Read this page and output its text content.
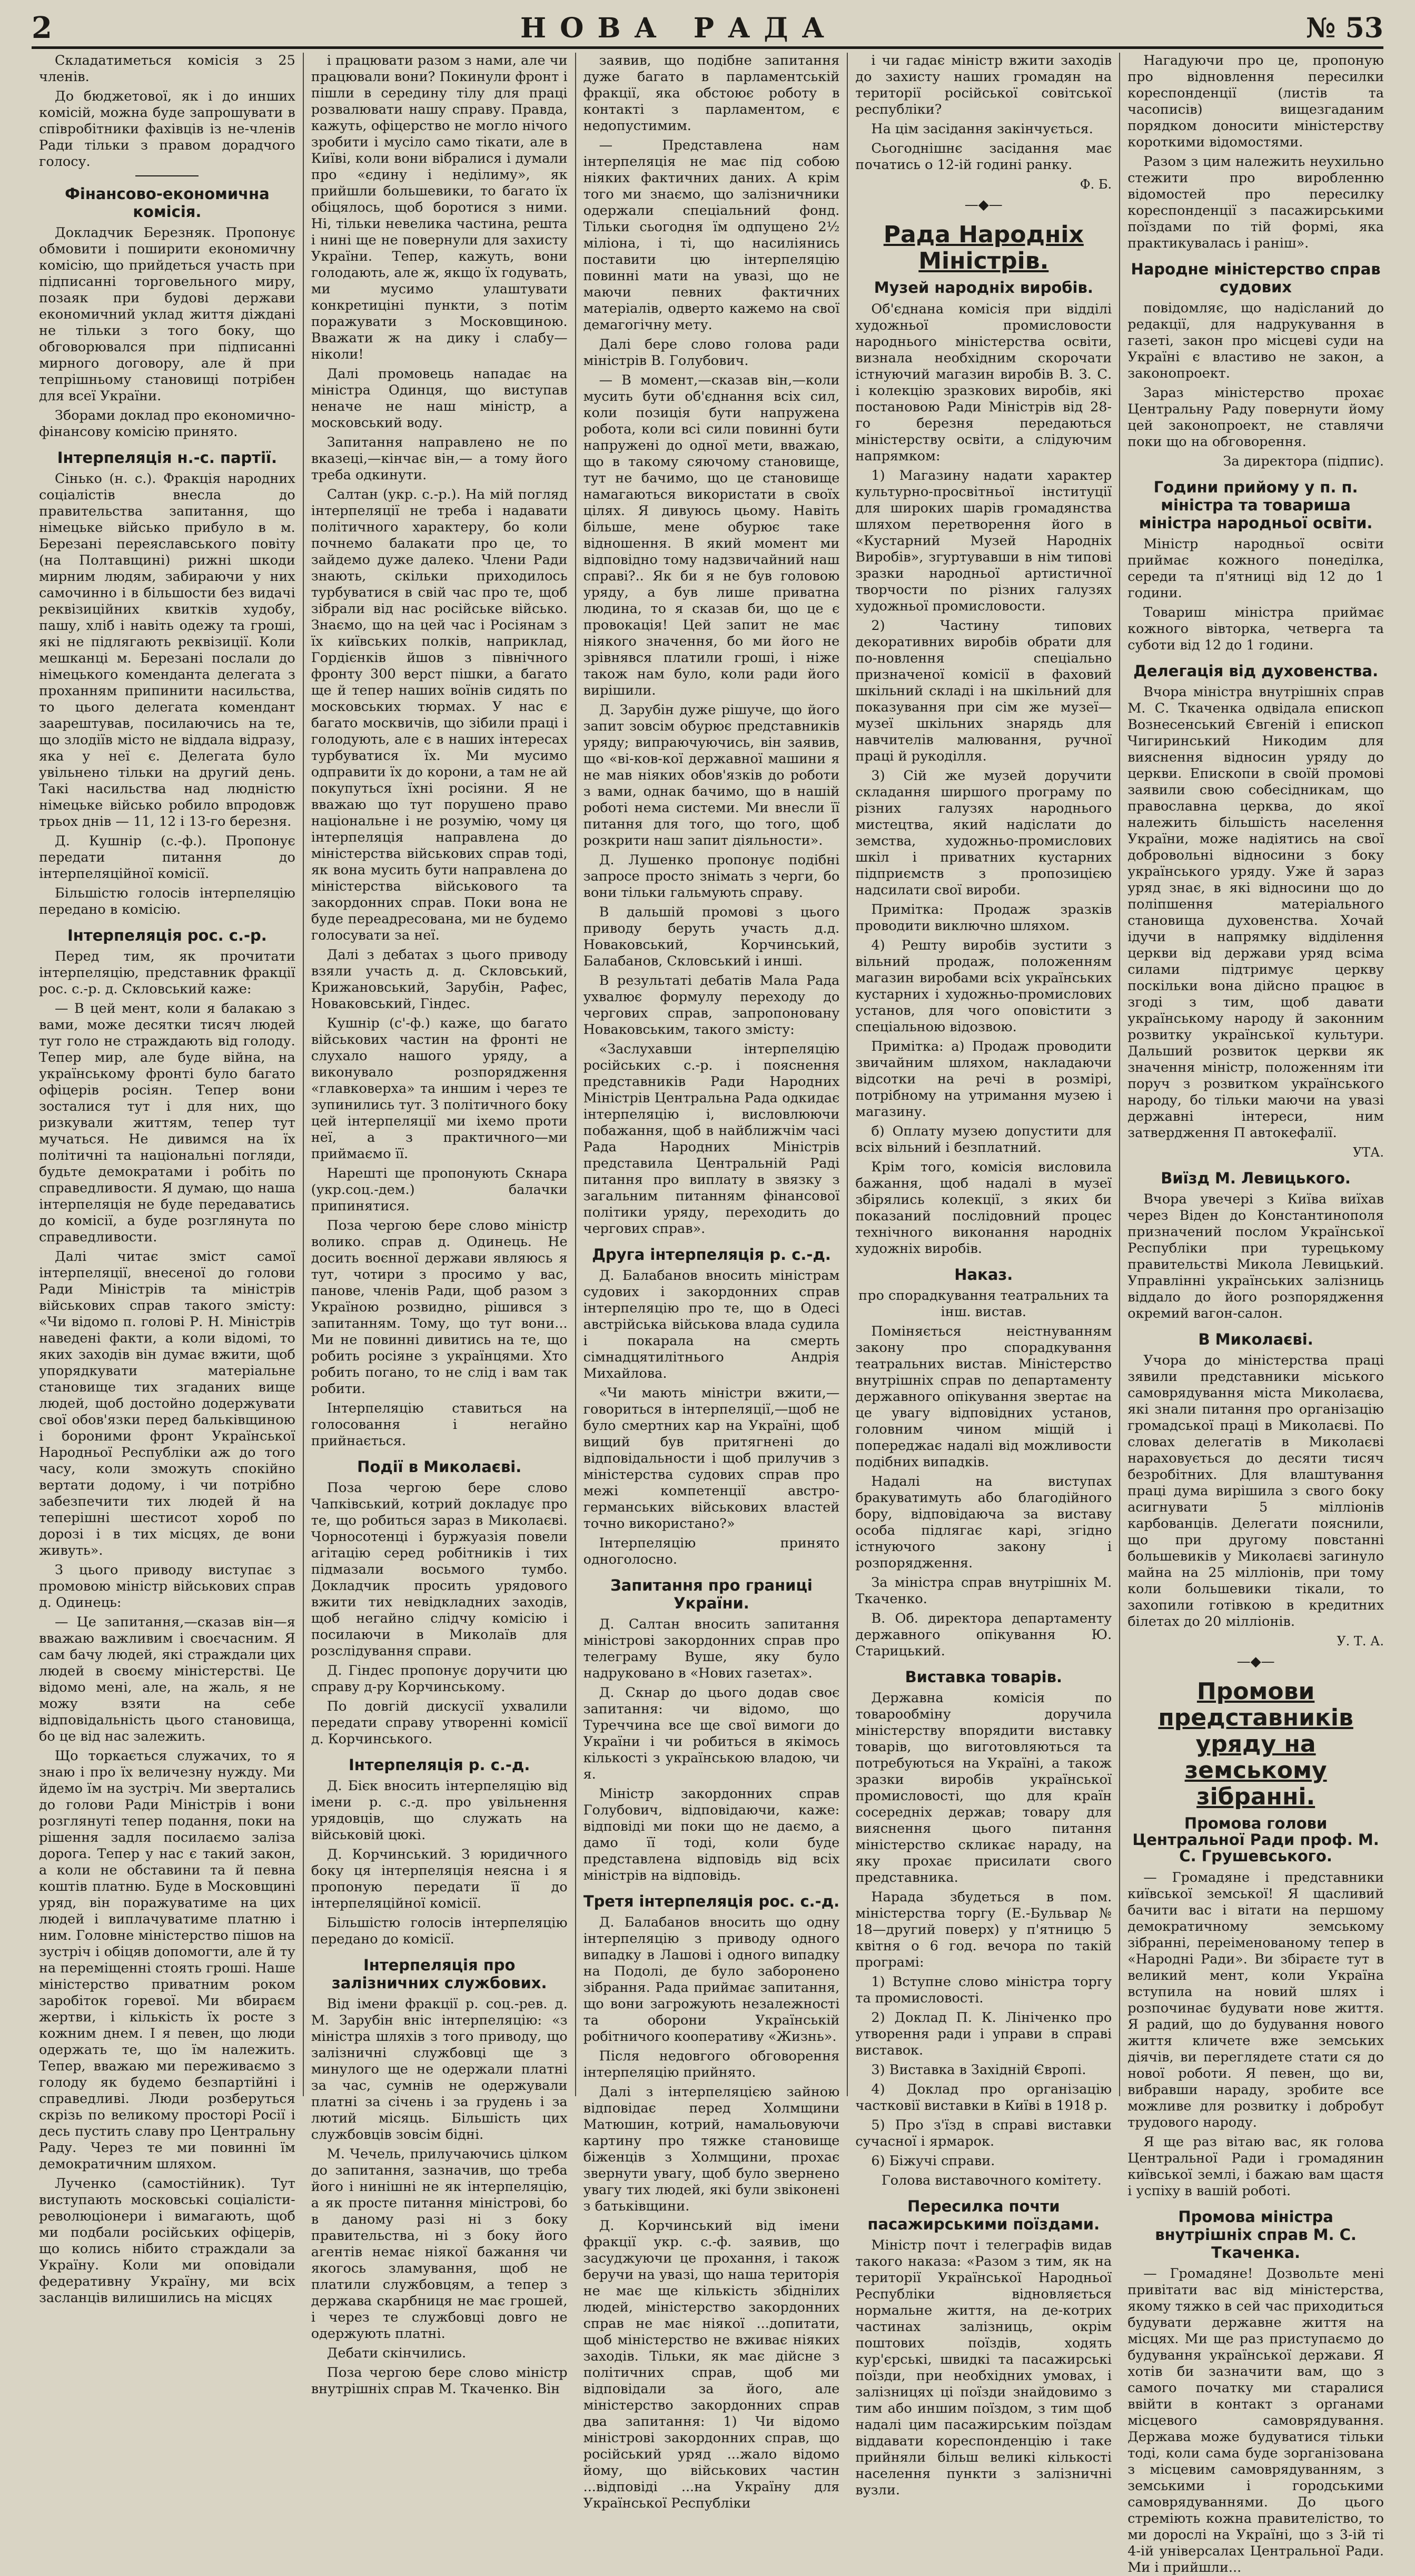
2	НОВА РАДА	№ 53

Складатиметься комісія з 25 членів.

До бюджетової, як і до инших комісій, можна буде запрошувати в співробітники фахівців із не-членів Ради тільки з правом дорадчого голосу.

Фінансово-економична комісія.

Докладчик Березняк. Пропонує обмовити і поширити економичну комісію, що прийдеться участь при підписанні торговельного миру, позаяк при будові держави економичний уклад життя діждані не тільки з того боку, що обговорювался при підписанні мирного договору, але й при тепрішньому становищі потрібен для всеї України.

Зборами доклад про економично-фінансову комісію принято.

Інтерпеляція н.-с. партії.

Сінько (н. с.). Фракція народних соціалістів внесла до правительства запитання, що німецьке військо прибуло в м. Березані переяславського повіту (на Полтавщині) рижні шкоди мирним людям, забираючи у них самочинно і в більшости без видачі реквізиційних квитків худобу, пашу, хліб і навіть одежу та гроші, які не підлягають реквізиції. Коли мешканці м. Березані послали до німецького коменданта делегата з проханням припинити насильства, то цього делегата комендант заарештував, посилаючись на те, що злодіїв місто не віддала відразу, яка у неї є. Делегата було увільнено тільки на другий день. Такі насильства над людністю німецьке військо робило впродовж трьох днів — 11, 12 і 13-го березня.

Д. Кушнір (с.-ф.). Пропонує передати питання до інтерпеляційної комісії.

Більшістю голосів інтерпеляцію передано в комісію.

Інтерпеляція рос. с.-р.

Перед тим, як прочитати інтерпеляцію, представник фракції рос. с.-р. д. Скловський каже:

— В цей мент, коли я балакаю з вами, може десятки тисяч людей тут голо не страждають від голоду. Тепер мир, але буде війна, на українському фронті було багато офіцерів росіян. Тепер вони зосталися тут і для них, що ризкували життям, тепер тут мучаться. Не дивимся на їх політичні та національні погляди, будьте демократами і робіть по справедливости. Я думаю, що наша інтерпеляція не буде передаватись до комісії, а буде розглянута по справедливости.

Далі читає зміст самої інтерпеляції, внесеної до голови Ради Міністрів та міністрів військових справ такого змісту: «Чи відомо п. голові Р. Н. Міністрів наведені факти, а коли відомі, то яких заходів він думає вжити, щоб упорядкувати матеріальне становище тих згаданих вище людей, щоб достойно додержувати свої обов'язки перед бальківщиною і бороними фронт Української Народньої Республіки аж до того часу, коли зможуть спокійно вертати додому, і чи потрібно забезпечити тих людей й на теперішні шестисот хороб по дорозі і в тих місцях, де вони живуть».

З цього приводу виступає з промовою міністр військових справ д. Одинець:

— Це запитання,—сказав він—я вважаю важливим і своєчасним. Я сам бачу людей, які страждали цих людей в своєму міністерстві. Це відомо мені, але, на жаль, я не можу взяти на себе відповідальність цього становища, бо це від нас залежить.

Що торкається служачих, то я знаю і про їх величезну нужду. Ми йдемо їм на зустріч. Ми звертались до голови Ради Міністрів і вони розглянуті тепер подання, поки на рішення задля посилаємо заліза дорога. Тепер у нас є такий закон, а коли не обставини та й певна коштів платню. Буде в Московщині уряд, він поражуватиме на цих людей і виплачуватиме платню і ним. Головне міністерство пішов на зустріч і обіцяв допомогти, але й ту на переміщенні стоять гроші. Наше міністерство приватним роком заробіток горевої. Ми вбираєм жертви, і кількість їх росте з кожним днем. І я певен, що люди одержать те, що їм належить. Тепер, вважаю ми переживаємо з голоду як будемо безпартійні і справедливі. Люди розберуться скрізь по великому просторі Росії і десь пустить славу про Центральну Раду. Через те ми повинні їм демократичним шляхом.

Лученко (самостійник). Тут виступають московські соціалісти-революціонери і вимагають, щоб ми подбали російських офіцерів, що колись нібито страждали за Україну. Коли ми оповідали федеративну Україну, ми всіх засланців вилишились на місцях

і працювати разом з нами, але чи працювали вони? Покинули фронт і пішли в середину тілу для праці розвалювати нашу справу. Правда, кажуть, офіцерство не могло нічого зробити і мусіло само тікати, але в Київі, коли вони вібралися і думали про «єдину і неділиму», як прийшли большевики, то багато їх обіцялось, щоб боротися з ними. Ні, тільки невелика частина, решта і нині ще не повернули для захисту України. Тепер, кажуть, вони голодають, але ж, якщо їх годувать, ми мусимо улаштувати конкретиціні пункти, з потім поражувати з Московщиною. Вважати ж на дику і слабу—ніколи!

Далі промовець нападає на міністра Одинця, що виступав неначе не наш міністр, а московський воду.

Запитання направлено не по вказеці,—кінчає він,— а тому його треба одкинути.

Салтан (укр. с.-р.). На мій погляд інтерпеляції не треба і надавати політичного характеру, бо коли почнемо балакати про це, то зайдемо дуже далеко. Члени Ради знають, скільки приходилось турбуватися в свій час про те, щоб зібрали від нас російське військо. Знаємо, що на цей час і Росіянам з їх київських полків, наприклад, Гордієнків йшов з північного фронту 300 верст пішки, а багато ще й тепер наших воїнів сидять по московських тюрмах. У нас є багато москвичів, що зібили праці і голодують, але є в наших інтересах турбуватися їх. Ми мусимо одправити їх до корони, а там не ай покупуться їхні росіяни. Я не вважаю що тут порушено право національне і не розумію, чому ця інтерпеляція направлена до міністерства військових справ тоді, як вона мусить бути направлена до міністерства військового та закордонних справ. Поки вона не буде переадресована, ми не будемо голосувати за неї.

Далі з дебатах з цього приводу взяли участь д. д. Скловський, Крижановський, Зарубін, Рафес, Новаковський, Гіндес.

Кушнір (с'-ф.) каже, що багато військових частин на фронті не слухало нашого уряду, а виконувало розпорядження «главковерха» та иншим і через те зупинились тут. З політичного боку цей інтерпеляції ми іхемо проти неї, а з практичного—ми приймаємо її.

Нарешті ще пропонують Скнара (укр.соц.-дем.) балачки припинятися.

Поза чергою бере слово міністр волико. справ д. Одинець. Не досить воєнної держави являюсь я тут, чотири з просимо у вас, панове, членів Ради, щоб разом з Україною розвидно, рішився з запитанням. Тому, що тут вони... Ми не повинні дивитись на те, що робить росіяне з українцями. Хто робить погано, то не слід і вам так робити.

Інтерпеляцію ставиться на голосовання і негайно прийнається.

Події в Миколаєві.

Поза чергою бере слово Чапківський, котрий докладує про те, що робиться зараз в Миколаєві. Чорносотенці і буржуазія повели агітацію серед робітників і тих підмазали восьмого тумбо. Докладчик просить урядового вжити тих невідкладних заходів, щоб негайно слідчу комісію і посилаючи в Миколаїв для розслідування справи.

Д. Гіндес пропонує доручити цю справу д-ру Корчинському.

По довгій дискусії ухвалили передати справу утворенні комісії д. Корчинського.

Інтерпеляція р. с.-д.

Д. Бієк вносить інтерпеляцію від імени р. с.-д. про увільнення урядовців, що служать на військовій цюкі.

Д. Корчинський. З юридичного боку ця інтерпеляція неясна і я пропоную передати її до інтерпеляційної комісії.

Більшістю голосів інтерпеляцію передано до комісії.

Інтерпеляція про залізничних службових.

Від імени фракції р. соц.-рев. д. М. Зарубін вніс інтерпеляцію: «з міністра шляхів з того приводу, що залізничні службовці ще з минулого ще не одержали платні за час, сумнів не одержували платні за січень і за грудень і за лютий місяць. Більшість цих службовців зовсім бідні.

М. Чечель, прилучаючись цілком до запитання, зазначив, що треба його і нинішні не як інтерпеляцію, а як просте питання міністрові, бо в даному разі ні з боку правительства, ні з боку його агентів немає ніякої бажання чи якогось зламування, щоб не платили службовцям, а тепер з держава скарбниця не має грошей, і через те службовці довго не одержують платні.

Дебати скінчились.

Поза чергою бере слово міністр внутрішніх справ М. Ткаченко. Він

заявив, що подібне запитання дуже багато в парламентській фракції, яка обстоює роботу в контакті з парламентом, є недопустимим.

— Представлена нам інтерпеляція не має під собою ніяких фактичних даних. А крім того ми знаємо, що залізничники одержали спеціальний фонд. Тільки сьогодня їм одпущено 2½ міліона, і ті, що насиліянись поставити цю інтерпеляцію повинні мати на увазі, що не маючи певних фактичних матеріалів, одверто кажемо на свої демагогічну мету.

Далі бере слово голова ради міністрів В. Голубович.

— В момент,—сказав він,—коли мусить бути об'єднання всіх сил, коли позиція бути напружена робота, коли всі сили повинні бути напружені до одної мети, вважаю, що в такому сяючому становище, тут не бачимо, що це становище намагаються використати в своїх цілях. Я дивуюсь цьому. Навіть більше, мене обурює таке відношення. В який момент ми відповідно тому надзвичайний наш справі?.. Як би я не був головою уряду, а був лише приватна людина, то я сказав би, що це є провокація! Цей запит не має ніякого значення, бо ми його не зрівнявся платили гроші, і ніже також нам було, коли ради його вирішили.

Д. Зарубін дуже рішуче, що його запит зовсім обурює представників уряду; випраючуючись, він заявив, що «ві-ков-кої державної машини я не мав ніяких обов'язків до роботи з вами, однак бачимо, що в нашій роботі нема системи. Ми внесли її питання для того, що того, щоб розкрити наш запит діяльности».

Д. Лушенко пропонує подібні запросе просто знімать з черги, бо вони тільки гальмують справу.

В дальшій промові з цього приводу беруть участь д.д. Новаковський, Корчинський, Балабанов, Скловський і инші.

В результаті дебатів Мала Рада ухвалює формулу переходу до чергових справ, запропоновану Новаковським, такого змісту:

«Заслухавши інтерпеляцію російських с.-р. і пояснення представників Ради Народних Міністрів Центральна Рада одкидає інтерпеляцію і, висловлюючи побажання, щоб в найближчім часі Рада Народних Міністрів представила Центральній Раді питання про виплату в звязку з загальним питанням фінансової політики уряду, переходить до чергових справ».

Друга інтерпеляція р. с.-д.

Д. Балабанов вносить міністрам судових і закордонних справ інтерпеляцію про те, що в Одесі австрійська військова влада судила і покарала на смерть сімнадцятилітнього Андрія Михайлова.

«Чи мають міністри вжити,—говориться в інтерпеляції,—щоб не було смертних кар на Україні, щоб вищий був притягнені до відповідальности і щоб прилучив з міністерства судових справ про межі компетенції австро-германських військових властей точно використано?»

Інтерпеляцію принято одноголосно.

Запитання про границі України.

Д. Салтан вносить запитання міністрові закордонних справ про телеграму Вуше, яку було надруковано в «Нових газетах».

Д. Скнар до цього додав своє запитання: чи відомо, що Туреччина все ще свої вимоги до України і чи робиться в якімось кількості з українською владою, чи я.

Міністр закордонних справ Голубович, відповідаючи, каже: відповіді ми поки що не даємо, а дамо її тоді, коли буде представлена відповідь від всіх міністрів на відповідь.

Третя інтерпеляція рос. с.-д.

Д. Балабанов вносить що одну інтерпеляцію з приводу одного випадку в Лашові і одного випадку на Подолі, де було заборонено зібрання. Рада приймає запитання, що вони загрожують незалежності та оборони Українській робітничого кооперативу «Жизнь».

Після недовгого обговорення інтерпеляцію прийнято.

Далі з інтерпеляцією зайною відповідає перед Холмщини Матюшин, котрий, намальовуючи картину про тяжке становище біженців з Холмщини, прохає звернути увагу, щоб було звернено увагу тих людей, які були звіконені з батьківщини.

Д. Корчинський від імени фракції укр. с.-ф. заявив, що засуджуючи це прохання, і також беручи на увазі, що наша територія не має ще кількість збіднілих людей, міністерство закордонних справ не має ніякої ...допитати, щоб міністерство не вживає ніяких заходів. Тільки, як має дійсне з політичних справ, щоб ми відповідали за його, але міністерство закордонних справ два запитання: 1) Чи відомо міністрові закордонних справ, що російський уряд ...жало відомо йому, що військових частин ...відповіді ...на Україну для Української Республіки

і чи гадає міністр вжити заходів до захисту наших громадян на території російської совітської республіки?

На цім засідання закінчується.

Сьогоднішнє засідання має початись о 12-ій годині ранку.

Ф. Б.
—◆—
Рада Народніх Міністрів.
Музей народніх виробів.

Об'єднана комісія при відділі художньої промисловости народнього міністерства освіти, визнала необхідним скорочати істнуючий магазин виробів В. З. С. і колекцію зразкових виробів, які постановою Ради Міністрів від 28-го березня передаються міністерству освіти, а слідуючим напрямком:

1) Магазину надати характер культурно-просвітньої інституції для широких шарів громадянства шляхом перетворення його в «Кустарний Музей Народніх Виробів», згуртувавши в нім типові зразки народньої артистичної творчости по різних галузях художньої промисловости.

2) Частину типових декоративних виробів обрати для по-новлення спеціально призначеної комісії в фаховий шкільний складі і на шкільний для показування при сім же музеї—музеї шкільних знарядь для навчителів малювання, ручної праці й рукоділля.

3) Сій же музей доручити складання ширшого програму по різних галузях народнього мистецтва, який надіслати до земства, художньо-промислових шкіл і приватних кустарних підприємств з пропозицією надсилати свої вироби.

Примітка: Продаж зразків проводити виключно шляхом.

4) Решту виробів зустити з вільний продаж, положенням магазин виробами всіх українських кустарних і художньо-промислових установ, для чого оповістити з спеціальною відозвою.

Примітка: а) Продаж проводити звичайним шляхом, накладаючи відсотки на речі в розмірі, потрібному на утримання музею і магазину.

б) Оплату музею допустити для всіх вільний і безплатний.

Крім того, комісія висловила бажання, щоб надалі в музеї збірялись колекції, з яких би показаний послідовний процес технічного виконання народніх художніх виробів.

Наказ.

про спорадкування театральних та інш. вистав.

Поміняється неістнуванням закону про спорадкування театральних вистав. Міністерство внутрішніх справ по департаменту державного опікування звертає на це увагу відповідних установ, головним чином міщій і попереджає надалі від можливости подібних випадків.

Надалі на виступах бракуватимуть або благодійного бору, відповідаюча за виставу особа підлягає карі, згідно істнуючого закону і розпорядження.

За міністра справ внутрішніх М. Ткаченко.

В. Об. директора департаменту державного опікування Ю. Старицький.

Виставка товарів.

Державна комісія по товарообміну доручила міністерству впорядити виставку товарів, що виготовляються та потребуються на Україні, а також зразки виробів української промисловості, що для країн сосередніх держав; товару для вияснення цього питання міністерство скликає нараду, на яку прохає присилати свого представника.

Нарада збудеться в пом. міністерства торгу (Е.-Бульвар № 18—другий поверх) у п'ятницю 5 квітня о 6 год. вечора по такій програмі:

1) Вступне слово міністра торгу та промисловості.

2) Доклад П. К. Лініченко про утворення ради і управи в справі виставок.

3) Виставка в Західній Європі.

4) Доклад про організацію частковії виставки в Київі в 1918 р.

5) Про з'їзд в справі виставки сучасної і ярмарок.

6) Біжучі справи.

Голова виставочного комітету.

Пересилка почти пасажирськими поїздами.

Міністр почт і телеграфів видав такого наказа: «Разом з тим, як на території Української Народньої Республіки відновляється нормальне життя, на де-котрих частинах залізниць, окрім поштових поїздів, ходять кур'єрські, швидкі та пасажирські поїзди, при необхідних умовах, і залізницях ці поїзди знайдовимо з тим або иншим поїздом, з тим щоб надалі цим пасажирським поїздам віддавати кореспонденцію і таке прийняли більш великі кількості населення пункти з залізничні вузли.

Нагадуючи про це, пропоную про відновлення пересилки кореспонденції (листів та часописів) вищезгаданим порядком доносити міністерству короткими відомостями.

Разом з цим належить неухильно стежити про виробленню відомостей про пересилку кореспонденції з пасажирськими поїздами по тій формі, яка практикувалась і раніш».

Народне міністерство справ судових

повідомляє, що надісланий до редакції, для надрукування в газеті, закон про місцеві суди на Україні є властиво не закон, а законопроект.

Зараз міністерство прохає Центральну Раду повернути йому цей законопроект, не ставлячи поки що на обговорення.

За директора (підпис).

Години прийому у п. п. міністра та товариша міністра народньої освіти.

Міністр народньої освіти приймає кожного понеділка, середи та п'ятниці від 12 до 1 години.

Товариш міністра приймає кожного вівторка, четверга та суботи від 12 до 1 години.

Делегація від духовенства.

Вчора міністра внутрішніх справ М. С. Ткаченка одвідала епископ Вознесенський Євгеній і епископ Чигиринський Никодим для вияснення відносин уряду до церкви. Епископи в своїй промові заявили свою собесідникам, що православна церква, до якої належить більшість населення України, може надіятись на свої добровольні відносини з боку українського уряду. Уже й зараз уряд знає, в які відносини що до поліпшення матеріального становища духовенства. Хочай ідучи в напрямку відділення церкви від держави уряд всіма силами підтримує церкву поскільки вона дійсно працює в згоді з тим, щоб давати українському народу й законним розвитку української культури. Дальший розвиток церкви як значення міністр, положенням іти поруч з розвитком українського народу, бо тільки маючи на увазі державні інтереси, ним затвердження П автокефалії.

УТА.
Виїзд М. Левицького.

Вчора увечері з Київа виїхав через Віден до Константинополя призначений послом Української Республіки при турецькому правительстві Микола Левицький. Управлінні українських залізниць віддало до його розпорядження окремий вагон-салон.

В Миколаєві.

Учора до міністерства праці зявили представники міського самоврядування міста Миколаєва, які знали питання про організацію громадської праці в Миколаєві. По словах делегатів в Миколаєві нараховується до десяти тисяч безробітних. Для влаштування праці дума вирішила з свого боку асигнувати 5 мілліонів карбованців. Делегати пояснили, що при другому повстанні большевиків у Миколаєві загинуло майна на 25 мілліонів, при тому коли большевики тікали, то захопили готівкою в кредитних білетах до 20 мілліонів.

У. Т. А.
—◆—
Промови представників уряду на земському зібранні.
Промова голови Центральної Ради проф. М. С. Грушевського.

— Громадяне і представники київської земської! Я щасливий бачити вас і вітати на першому демократичному земському зібранні, переіменованому тепер в «Народні Ради». Ви збіраєте тут в великий мент, коли Україна вступила на новий шлях і розпочинає будувати нове життя. Я радий, що до будування нового життя кличете вже земських діячів, ви переглядете стати ся до нової роботи. Я певен, що ви, вибравши нараду, зробите все можливе для розвитку і добробут трудового народу.

Я ще раз вітаю вас, як голова Центральної Ради і громадянин київської землі, і бажаю вам щастя і успіху в вашій роботі.

Промова міністра внутрішніх справ М. С. Ткаченка.

— Громадяне! Дозвольте мені привітати вас від міністерства, якому тяжко в сей час приходиться будувати державне життя на місцях. Ми ще раз приступаємо до будування української держави. Я хотів би зазначити вам, що з самого початку ми старалися ввійти в контакт з органами місцевого самоврядування. Держава може будуватися тільки тоді, коли сама буде зорганізована з місцевим самоврядуванням, з земськими і городськими самоврядуваннями. До цього стреміють кожна правителіство, то ми дорослі на Україні, що з 3-ій ті 4-ій універсалах Центральної Ради. Ми і прийшли...
